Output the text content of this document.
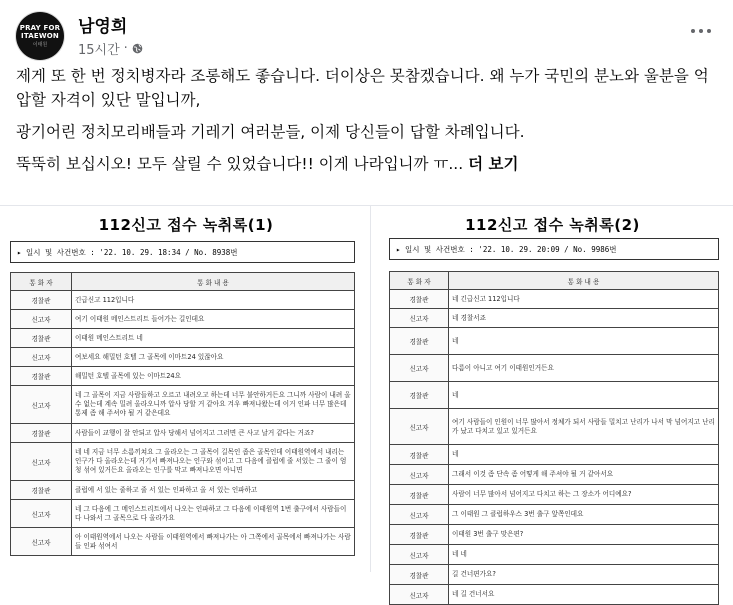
PRAY FOR
ITAEWON
이태원
남영희
15시간 ·

제게 또 한 번 정치병자라 조롱해도 좋습니다. 더이상은 못참겠습니다. 왜 누가 국민의 분노와 울분을 억압할 자격이 있단 말입니까,

광기어린 정치모리배들과 기레기 여러분들, 이제 당신들이 답할 차례입니다.

뚝뚝히 보십시오! 모두 살릴 수 있었습니다!! 이게 나라입니까 ㅠ... 더 보기

112신고 접수 녹취록(1)
▸ 일시 및 사건번호 : '22. 10. 29. 18:34 / No. 8938번
통 화 자	통 화 내 용
경찰관	긴급신고 112입니다
신고자	여기 이태원 메인스트리트 들어가는 길인데요
경찰관	이태원 메인스트리트 네
신고자	여보세요 해밀턴 호텔 그 골목에 이마트24 있잖아요
경찰관	해밀턴 호텔 골목에 있는 이마트24요
신고자	네 그 골목이 지금 사람들하고 오르고 내려오고 하는데 너무 불안하거든요 그니까 사람이 내려 올 수 없는데 계속 밀려 올라오니까 압사 당할 거 같아요 겨우 빠져나왔는데 이거 인파 너무 많은데 통제 좀 해 주셔야 될 거 같은데요
경찰관	사람들이 교행이 잘 안되고 압사 당해서 넘어지고 그러면 큰 사고 날거 같다는 거죠?
신고자	네 네 지금 너무 소름끼쳐요 그 올라오는 그 골목이 길목인 좁은 골목인데 이태원역에서 내리는 인구가 다 올라오는데 거기서 빠져나오는 인구와 섞이고 그 다음에 클럽에 줄 서있는 그 줄이 엄청 섞여 있거든요 올라오는 인구를 막고 빠져나오면 아니면
경찰관	클럽에 서 있는 줄하고 줄 서 있는 인파하고 올 서 있는 인파하고
신고자	네 그 다음에 그 메인스트리트에서 나오는 인파하고 그 다음에 이태원역 1번 출구에서 사람들이 다 나와서 그 골목으로 다 올라가요
신고자	아 이태원역에서 나오는 사람들 이태원역에서 빠져나가는 아 그쪽에서 골목에서 빠져나가는 사람들 인파 섞여서
112신고 접수 녹취록(2)
▸ 일시 및 사건번호 : '22. 10. 29. 20:09 / No. 9986번
통 화 자	통 화 내 용
경찰관	네 긴급신고 112입니다
신고자	네 경찰서죠
경찰관	네
신고자	다름이 아니고 여기 이태원인거든요
경찰관	네
신고자	여기 사람들이 인원이 너무 많아서 정체가 되서 사람들 밀치고 난리가 나서 막 넘어지고 난리가 났고 다치고 있고 있거든요
경찰관	네
신고자	그래서 이것 좀 단속 좀 어떻게 해 주셔야 될 거 같아서요
경찰관	사람이 너무 많아서 넘어지고 다치고 하는 그 장소가 어디예요?
신고자	그 이태원 그 클럽하우스 3번 출구 앞쪽인데요
경찰관	이태원 3번 출구 맞은편?
신고자	네 네
경찰관	길 건너편가요?
신고자	네 길 건너서요
